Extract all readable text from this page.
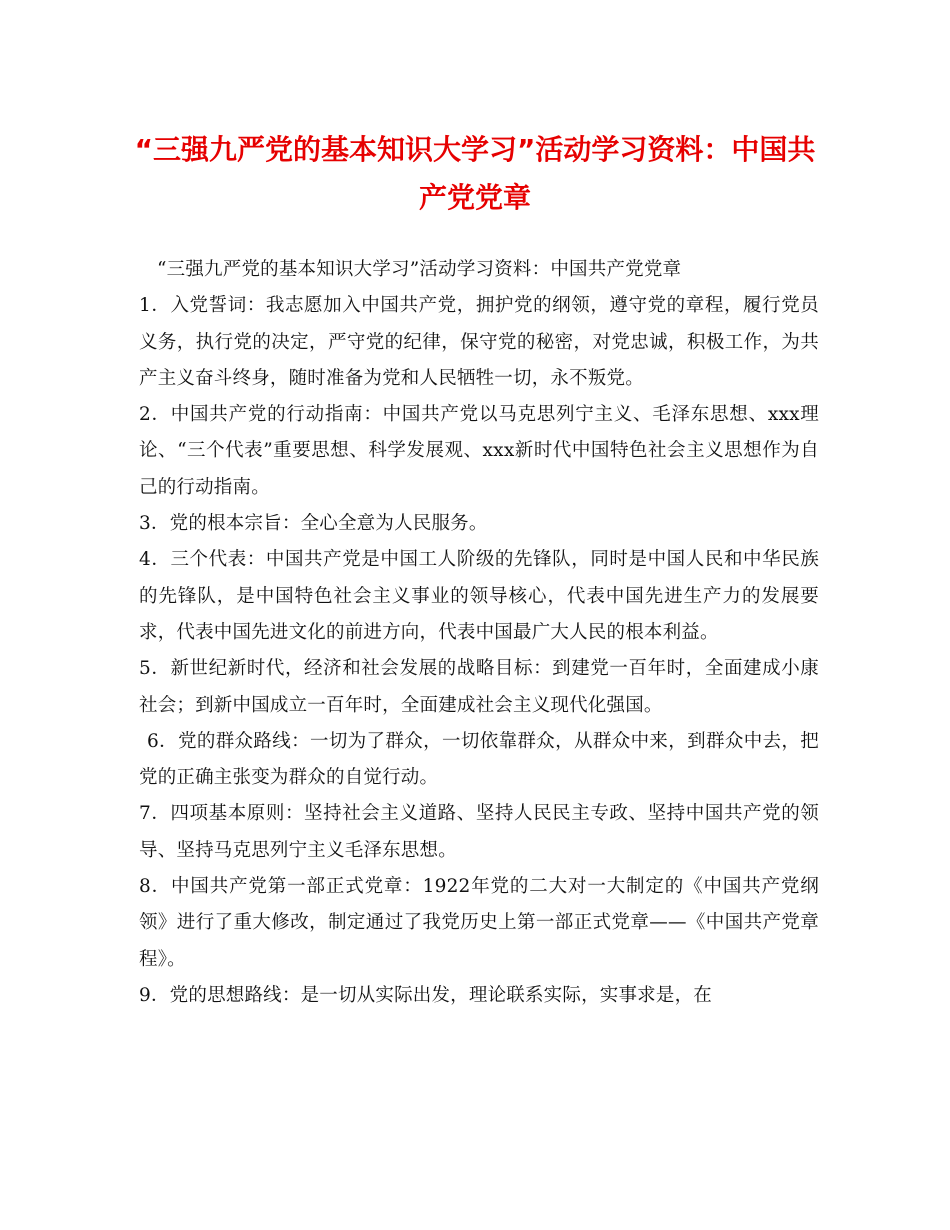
“三强九严党的基本知识大学习”活动学习资料：中国共产党党章

“三强九严党的基本知识大学习”活动学习资料：中国共产党党章

1．入党誓词：我志愿加入中国共产党，拥护党的纲领，遵守党的章程，履行党员义务，执行党的决定，严守党的纪律，保守党的秘密，对党忠诚，积极工作，为共产主义奋斗终身，随时准备为党和人民牺牲一切，永不叛党。

2．中国共产党的行动指南：中国共产党以马克思列宁主义、毛泽东思想、xxx理论、“三个代表”重要思想、科学发展观、xxx新时代中国特色社会主义思想作为自己的行动指南。

3．党的根本宗旨：全心全意为人民服务。

4．三个代表：中国共产党是中国工人阶级的先锋队，同时是中国人民和中华民族的先锋队，是中国特色社会主义事业的领导核心，代表中国先进生产力的发展要求，代表中国先进文化的前进方向，代表中国最广大人民的根本利益。

5．新世纪新时代，经济和社会发展的战略目标：到建党一百年时，全面建成小康社会；到新中国成立一百年时，全面建成社会主义现代化强国。

6．党的群众路线：一切为了群众，一切依靠群众，从群众中来，到群众中去，把党的正确主张变为群众的自觉行动。

7．四项基本原则：坚持社会主义道路、坚持人民民主专政、坚持中国共产党的领导、坚持马克思列宁主义毛泽东思想。

8．中国共产党第一部正式党章：1922年党的二大对一大制定的《中国共产党纲领》进行了重大修改，制定通过了我党历史上第一部正式党章——《中国共产党章程》。

9．党的思想路线：是一切从实际出发，理论联系实际，实事求是，在
